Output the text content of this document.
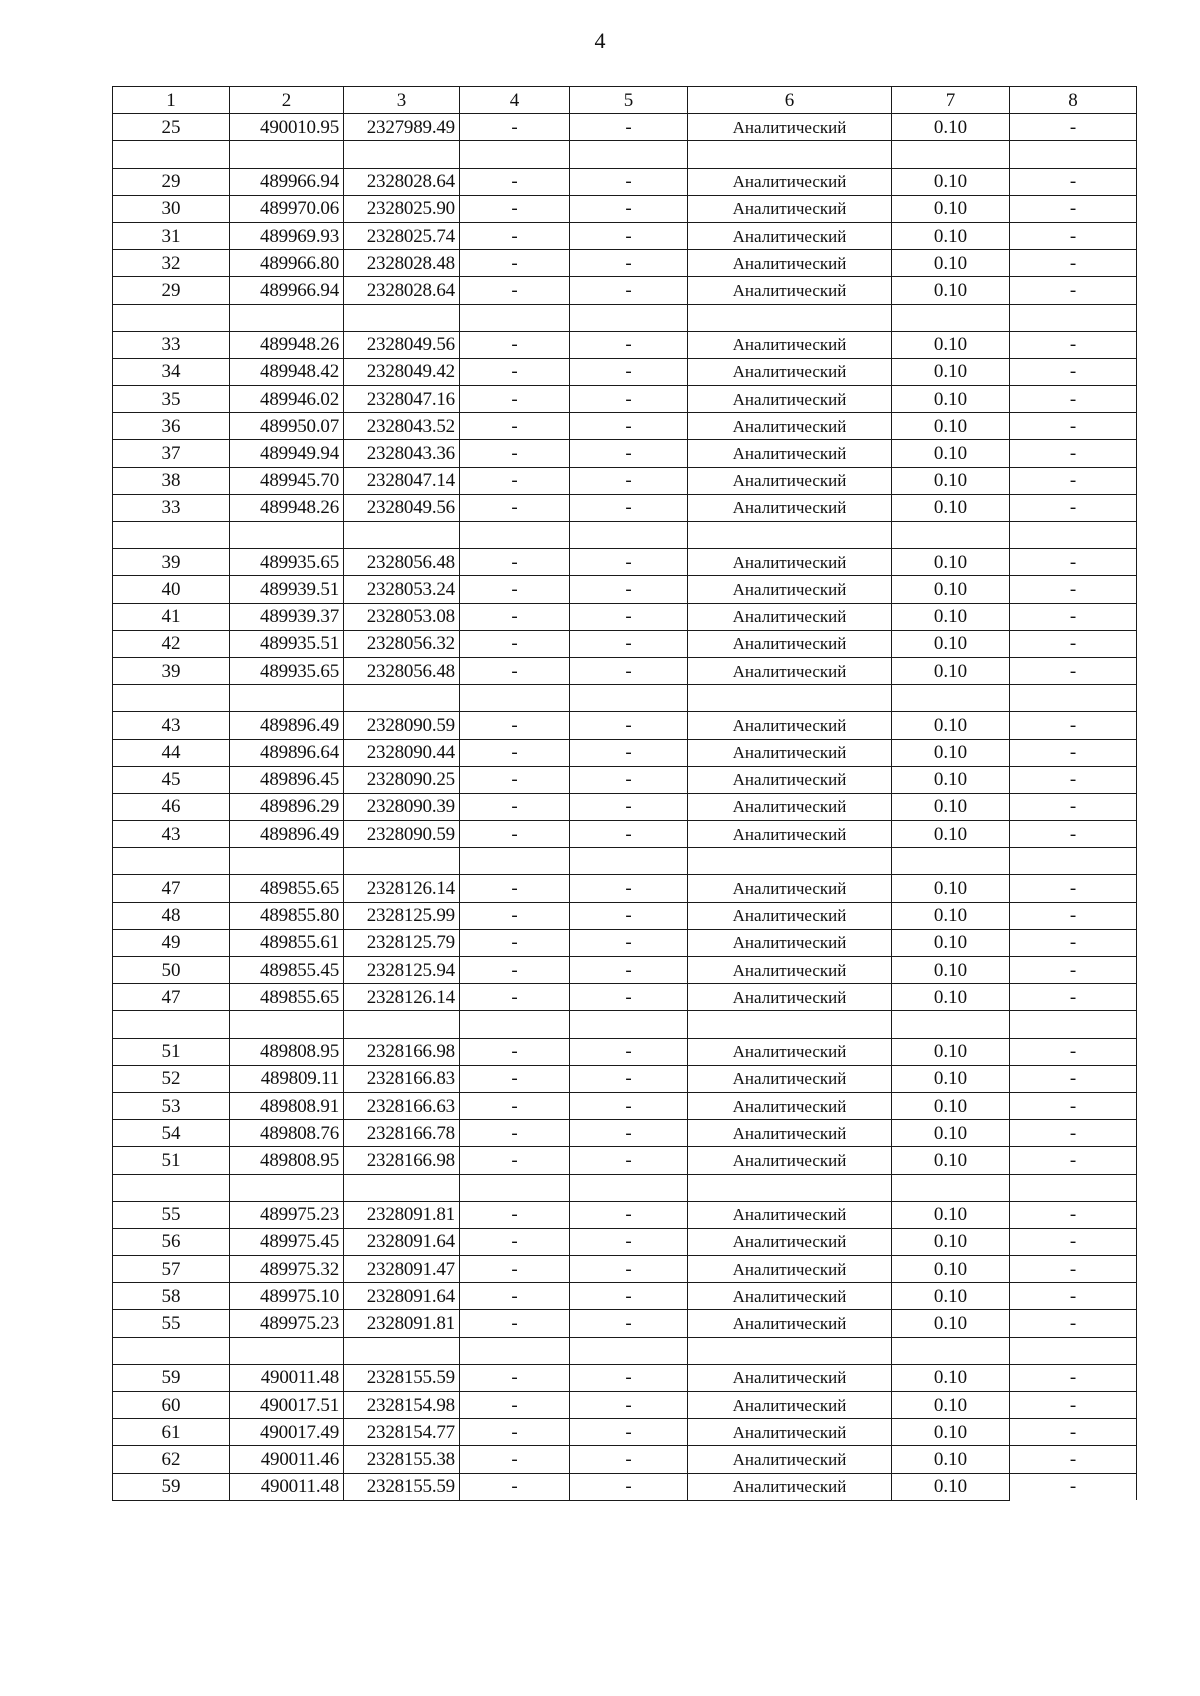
4
1	2	3	4	5	6	7	8
25	490010.95	2327989.49	-	-	Аналитический	0.10	-

29	489966.94	2328028.64	-	-	Аналитический	0.10	-
30	489970.06	2328025.90	-	-	Аналитический	0.10	-
31	489969.93	2328025.74	-	-	Аналитический	0.10	-
32	489966.80	2328028.48	-	-	Аналитический	0.10	-
29	489966.94	2328028.64	-	-	Аналитический	0.10	-

33	489948.26	2328049.56	-	-	Аналитический	0.10	-
34	489948.42	2328049.42	-	-	Аналитический	0.10	-
35	489946.02	2328047.16	-	-	Аналитический	0.10	-
36	489950.07	2328043.52	-	-	Аналитический	0.10	-
37	489949.94	2328043.36	-	-	Аналитический	0.10	-
38	489945.70	2328047.14	-	-	Аналитический	0.10	-
33	489948.26	2328049.56	-	-	Аналитический	0.10	-

39	489935.65	2328056.48	-	-	Аналитический	0.10	-
40	489939.51	2328053.24	-	-	Аналитический	0.10	-
41	489939.37	2328053.08	-	-	Аналитический	0.10	-
42	489935.51	2328056.32	-	-	Аналитический	0.10	-
39	489935.65	2328056.48	-	-	Аналитический	0.10	-

43	489896.49	2328090.59	-	-	Аналитический	0.10	-
44	489896.64	2328090.44	-	-	Аналитический	0.10	-
45	489896.45	2328090.25	-	-	Аналитический	0.10	-
46	489896.29	2328090.39	-	-	Аналитический	0.10	-
43	489896.49	2328090.59	-	-	Аналитический	0.10	-

47	489855.65	2328126.14	-	-	Аналитический	0.10	-
48	489855.80	2328125.99	-	-	Аналитический	0.10	-
49	489855.61	2328125.79	-	-	Аналитический	0.10	-
50	489855.45	2328125.94	-	-	Аналитический	0.10	-
47	489855.65	2328126.14	-	-	Аналитический	0.10	-

51	489808.95	2328166.98	-	-	Аналитический	0.10	-
52	489809.11	2328166.83	-	-	Аналитический	0.10	-
53	489808.91	2328166.63	-	-	Аналитический	0.10	-
54	489808.76	2328166.78	-	-	Аналитический	0.10	-
51	489808.95	2328166.98	-	-	Аналитический	0.10	-

55	489975.23	2328091.81	-	-	Аналитический	0.10	-
56	489975.45	2328091.64	-	-	Аналитический	0.10	-
57	489975.32	2328091.47	-	-	Аналитический	0.10	-
58	489975.10	2328091.64	-	-	Аналитический	0.10	-
55	489975.23	2328091.81	-	-	Аналитический	0.10	-

59	490011.48	2328155.59	-	-	Аналитический	0.10	-
60	490017.51	2328154.98	-	-	Аналитический	0.10	-
61	490017.49	2328154.77	-	-	Аналитический	0.10	-
62	490011.46	2328155.38	-	-	Аналитический	0.10	-
59	490011.48	2328155.59	-	-	Аналитический	0.10	-
